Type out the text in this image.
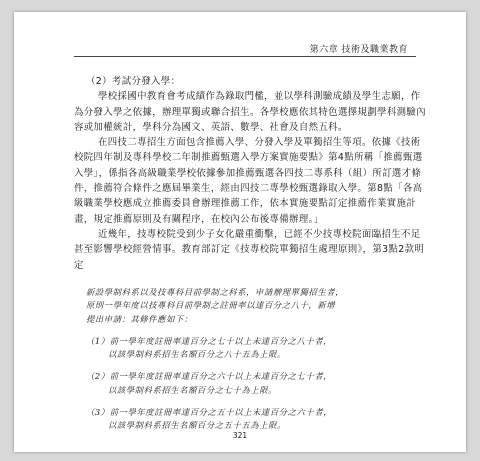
第六章 技術及職業教育

（2）考試分發入學：

學校採國中教育會考成績作為錄取門檻，並以學科測驗成績及學生志願，作為分發入學之依據，辦理單獨或聯合招生。各學校應依其特色選擇規劃學科測驗內容或加權統計，學科分為國文、英語、數學、社會及自然五科。

在四技二專招生方面包含推薦入學、分發入學及單獨招生等項。依據《技術校院四年制及專科學校二年制推薦甄選入學方案實施要點》第4點所稱「推薦甄選入學」，係指各高級職業學校依據參加推薦甄選各四技二專系科（組）所訂選才條件，推薦符合條件之應屆畢業生，經由四技二專學校甄選錄取入學。第8點「各高級職業學校應成立推薦委員會辦理推薦工作，依本實施要點訂定推薦作業實施計畫，規定推薦原則及有關程序，在校內公布後專備辦理。」

近幾年，技專校院受到少子女化嚴重衝擊，已經不少技專校院面臨招生不足甚至影響學校經營情事。教育部訂定《技專校院單獨招生處理原則》，第3點2款明定

新設學制科系以及技專科目前學制之科系，申請辦理單獨招生者，
原則一學年度以技專科目前學制之註冊率以達百分之八十，新增
提出申請：其條件應如下：

（1）前一學年度註冊率達百分之七十以上未達百分之八十者，
以該學制科系招生名額百分之八十五為上限。

（2）前一學年度註冊率達百分之六十以上未達百分之七十者，
以該學制科系招生名額百分之七十為上限。

（3）前一學年度註冊率達百分之五十以上未達百分之六十者，
以該學制科系招生名額百分之五十五為上限。

321
